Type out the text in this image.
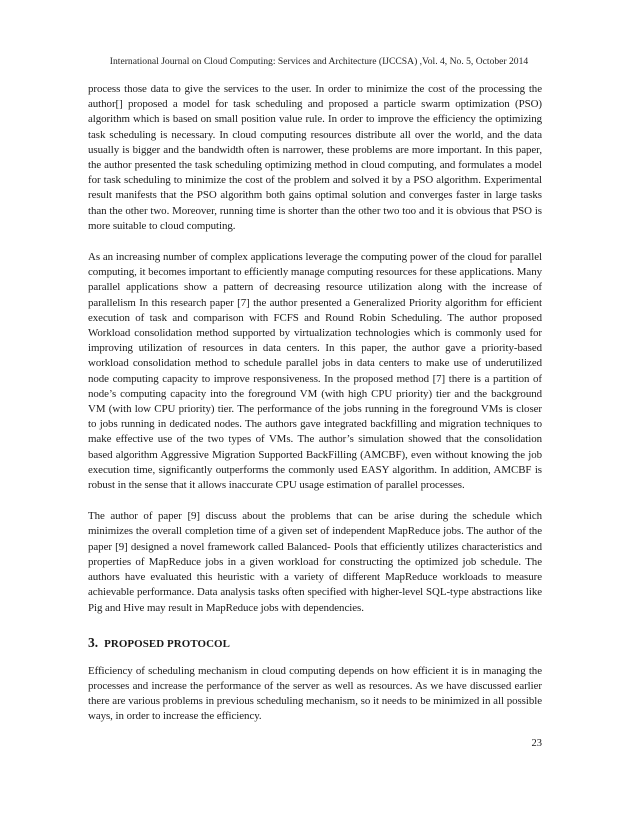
International Journal on Cloud Computing: Services and Architecture (IJCCSA) ,Vol. 4, No. 5, October 2014

process those data to give the services to the user. In order to minimize the cost of the processing the author[] proposed a model for task scheduling and proposed a particle swarm optimization (PSO) algorithm which is based on small position value rule. In order to improve the efficiency the optimizing task scheduling is necessary. In cloud computing resources distribute all over the world, and the data usually is bigger and the bandwidth often is narrower, these problems are more important. In this paper, the author presented the task scheduling optimizing method in cloud computing, and formulates a model for task scheduling to minimize the cost of the problem and solved it by a PSO algorithm. Experimental result manifests that the PSO algorithm both gains optimal solution and converges faster in large tasks than the other two. Moreover, running time is shorter than the other two too and it is obvious that PSO is more suitable to cloud computing.

As an increasing number of complex applications leverage the computing power of the cloud for parallel computing, it becomes important to efficiently manage computing resources for these applications. Many parallel applications show a pattern of decreasing resource utilization along with the increase of parallelism In this research paper [7] the author presented a Generalized Priority algorithm for efficient execution of task and comparison with FCFS and Round Robin Scheduling. The author proposed Workload consolidation method supported by virtualization technologies which is commonly used for improving utilization of resources in data centers. In this paper, the author gave a priority-based workload consolidation method to schedule parallel jobs in data centers to make use of underutilized node computing capacity to improve responsiveness. In the proposed method [7] there is a partition of node’s computing capacity into the foreground VM (with high CPU priority) tier and the background VM (with low CPU priority) tier. The performance of the jobs running in the foreground VMs is closer to jobs running in dedicated nodes. The authors gave integrated backfilling and migration techniques to make effective use of the two types of VMs. The author’s simulation showed that the consolidation based algorithm Aggressive Migration Supported BackFilling (AMCBF), even without knowing the job execution time, significantly outperforms the commonly used EASY algorithm. In addition, AMCBF is robust in the sense that it allows inaccurate CPU usage estimation of parallel processes.

The author of paper [9] discuss about the problems that can be arise during the schedule which minimizes the overall completion time of a given set of independent MapReduce jobs. The author of the paper [9] designed a novel framework called Balanced- Pools that efficiently utilizes characteristics and properties of MapReduce jobs in a given workload for constructing the optimized job schedule. The authors have evaluated this heuristic with a variety of different MapReduce workloads to measure achievable performance. Data analysis tasks often specified with higher-level SQL-type abstractions like Pig and Hive may result in MapReduce jobs with dependencies.

3. PROPOSED PROTOCOL

Efficiency of scheduling mechanism in cloud computing depends on how efficient it is in managing the processes and increase the performance of the server as well as resources. As we have discussed earlier there are various problems in previous scheduling mechanism, so it needs to be minimized in all possible ways, in order to increase the efficiency.

23
